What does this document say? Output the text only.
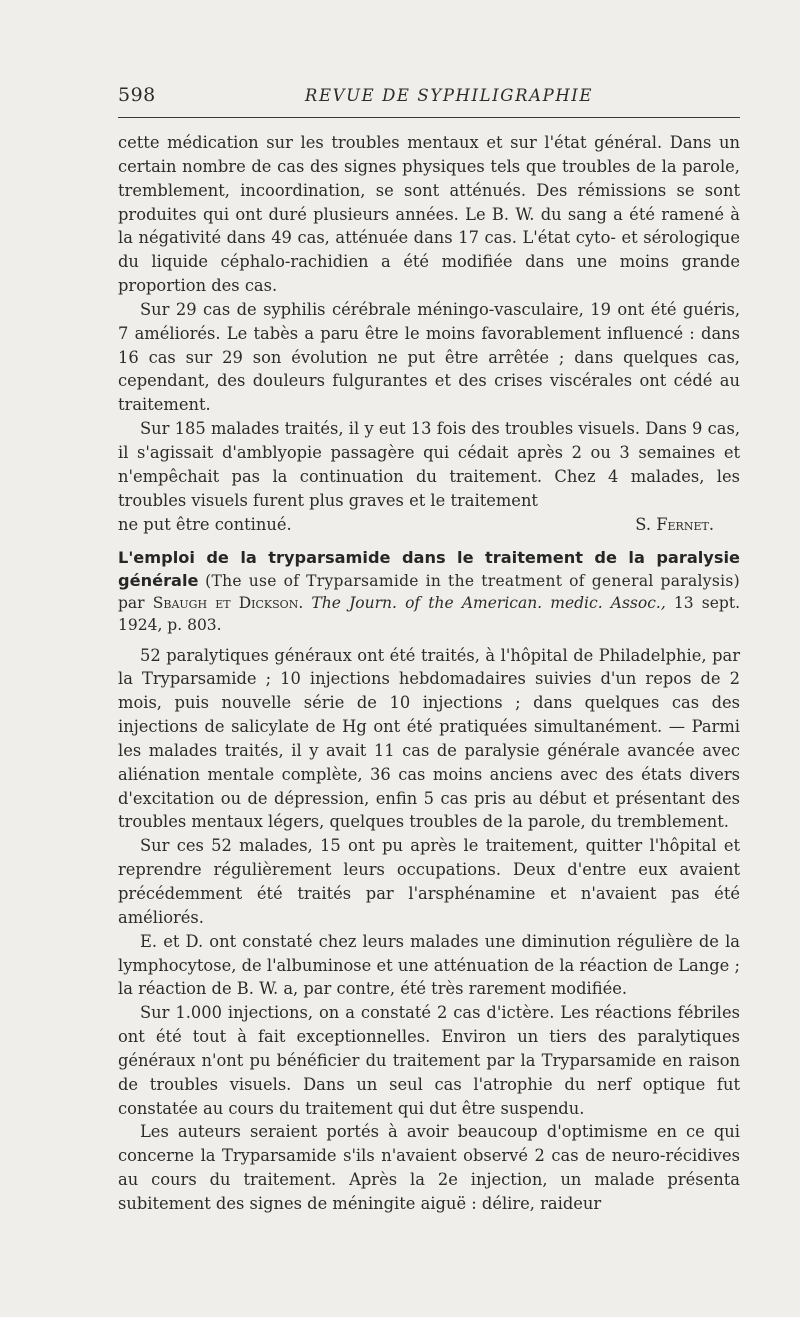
598	REVUE DE SYPHILIGRAPHIE

cette médication sur les troubles mentaux et sur l'état général. Dans un certain nombre de cas des signes physiques tels que troubles de la parole, tremblement, incoordination, se sont atténués. Des rémissions se sont produites qui ont duré plusieurs années. Le B. W. du sang a été ramené à la négativité dans 49 cas, atténuée dans 17 cas. L'état cyto- et sérologique du liquide céphalo-rachidien a été modifiée dans une moins grande proportion des cas.

Sur 29 cas de syphilis cérébrale méningo-vasculaire, 19 ont été guéris, 7 améliorés. Le tabès a paru être le moins favorablement influencé : dans 16 cas sur 29 son évolution ne put être arrêtée ; dans quelques cas, cependant, des douleurs fulgurantes et des crises viscérales ont cédé au traitement.

Sur 185 malades traités, il y eut 13 fois des troubles visuels. Dans 9 cas, il s'agissait d'amblyopie passagère qui cédait après 2 ou 3 semaines et n'empêchait pas la continuation du traitement. Chez 4 malades, les troubles visuels furent plus graves et le traitement

ne put être continué.	S. Fernet.

L'emploi de la tryparsamide dans le traitement de la paralysie générale (The use of Tryparsamide in the treatment of general paralysis) par Sbaugh et Dickson. The Journ. of the American. medic. Assoc., 13 sept. 1924, p. 803.

52 paralytiques généraux ont été traités, à l'hôpital de Philadelphie, par la Tryparsamide ; 10 injections hebdomadaires suivies d'un repos de 2 mois, puis nouvelle série de 10 injections ; dans quelques cas des injections de salicylate de Hg ont été pratiquées simultanément. — Parmi les malades traités, il y avait 11 cas de paralysie générale avancée avec aliénation mentale complète, 36 cas moins anciens avec des états divers d'excitation ou de dépression, enfin 5 cas pris au début et présentant des troubles mentaux légers, quelques troubles de la parole, du tremblement.

Sur ces 52 malades, 15 ont pu après le traitement, quitter l'hôpital et reprendre régulièrement leurs occupations. Deux d'entre eux avaient précédemment été traités par l'arsphénamine et n'avaient pas été améliorés.

E. et D. ont constaté chez leurs malades une diminution régulière de la lymphocytose, de l'albuminose et une atténuation de la réaction de Lange ; la réaction de B. W. a, par contre, été très rarement modifiée.

Sur 1.000 injections, on a constaté 2 cas d'ictère. Les réactions fébriles ont été tout à fait exceptionnelles. Environ un tiers des paralytiques généraux n'ont pu bénéficier du traitement par la Tryparsamide en raison de troubles visuels. Dans un seul cas l'atrophie du nerf optique fut constatée au cours du traitement qui dut être suspendu.

Les auteurs seraient portés à avoir beaucoup d'optimisme en ce qui concerne la Tryparsamide s'ils n'avaient observé 2 cas de neuro-récidives au cours du traitement. Après la 2e injection, un malade présenta subitement des signes de méningite aiguë : délire, raideur
